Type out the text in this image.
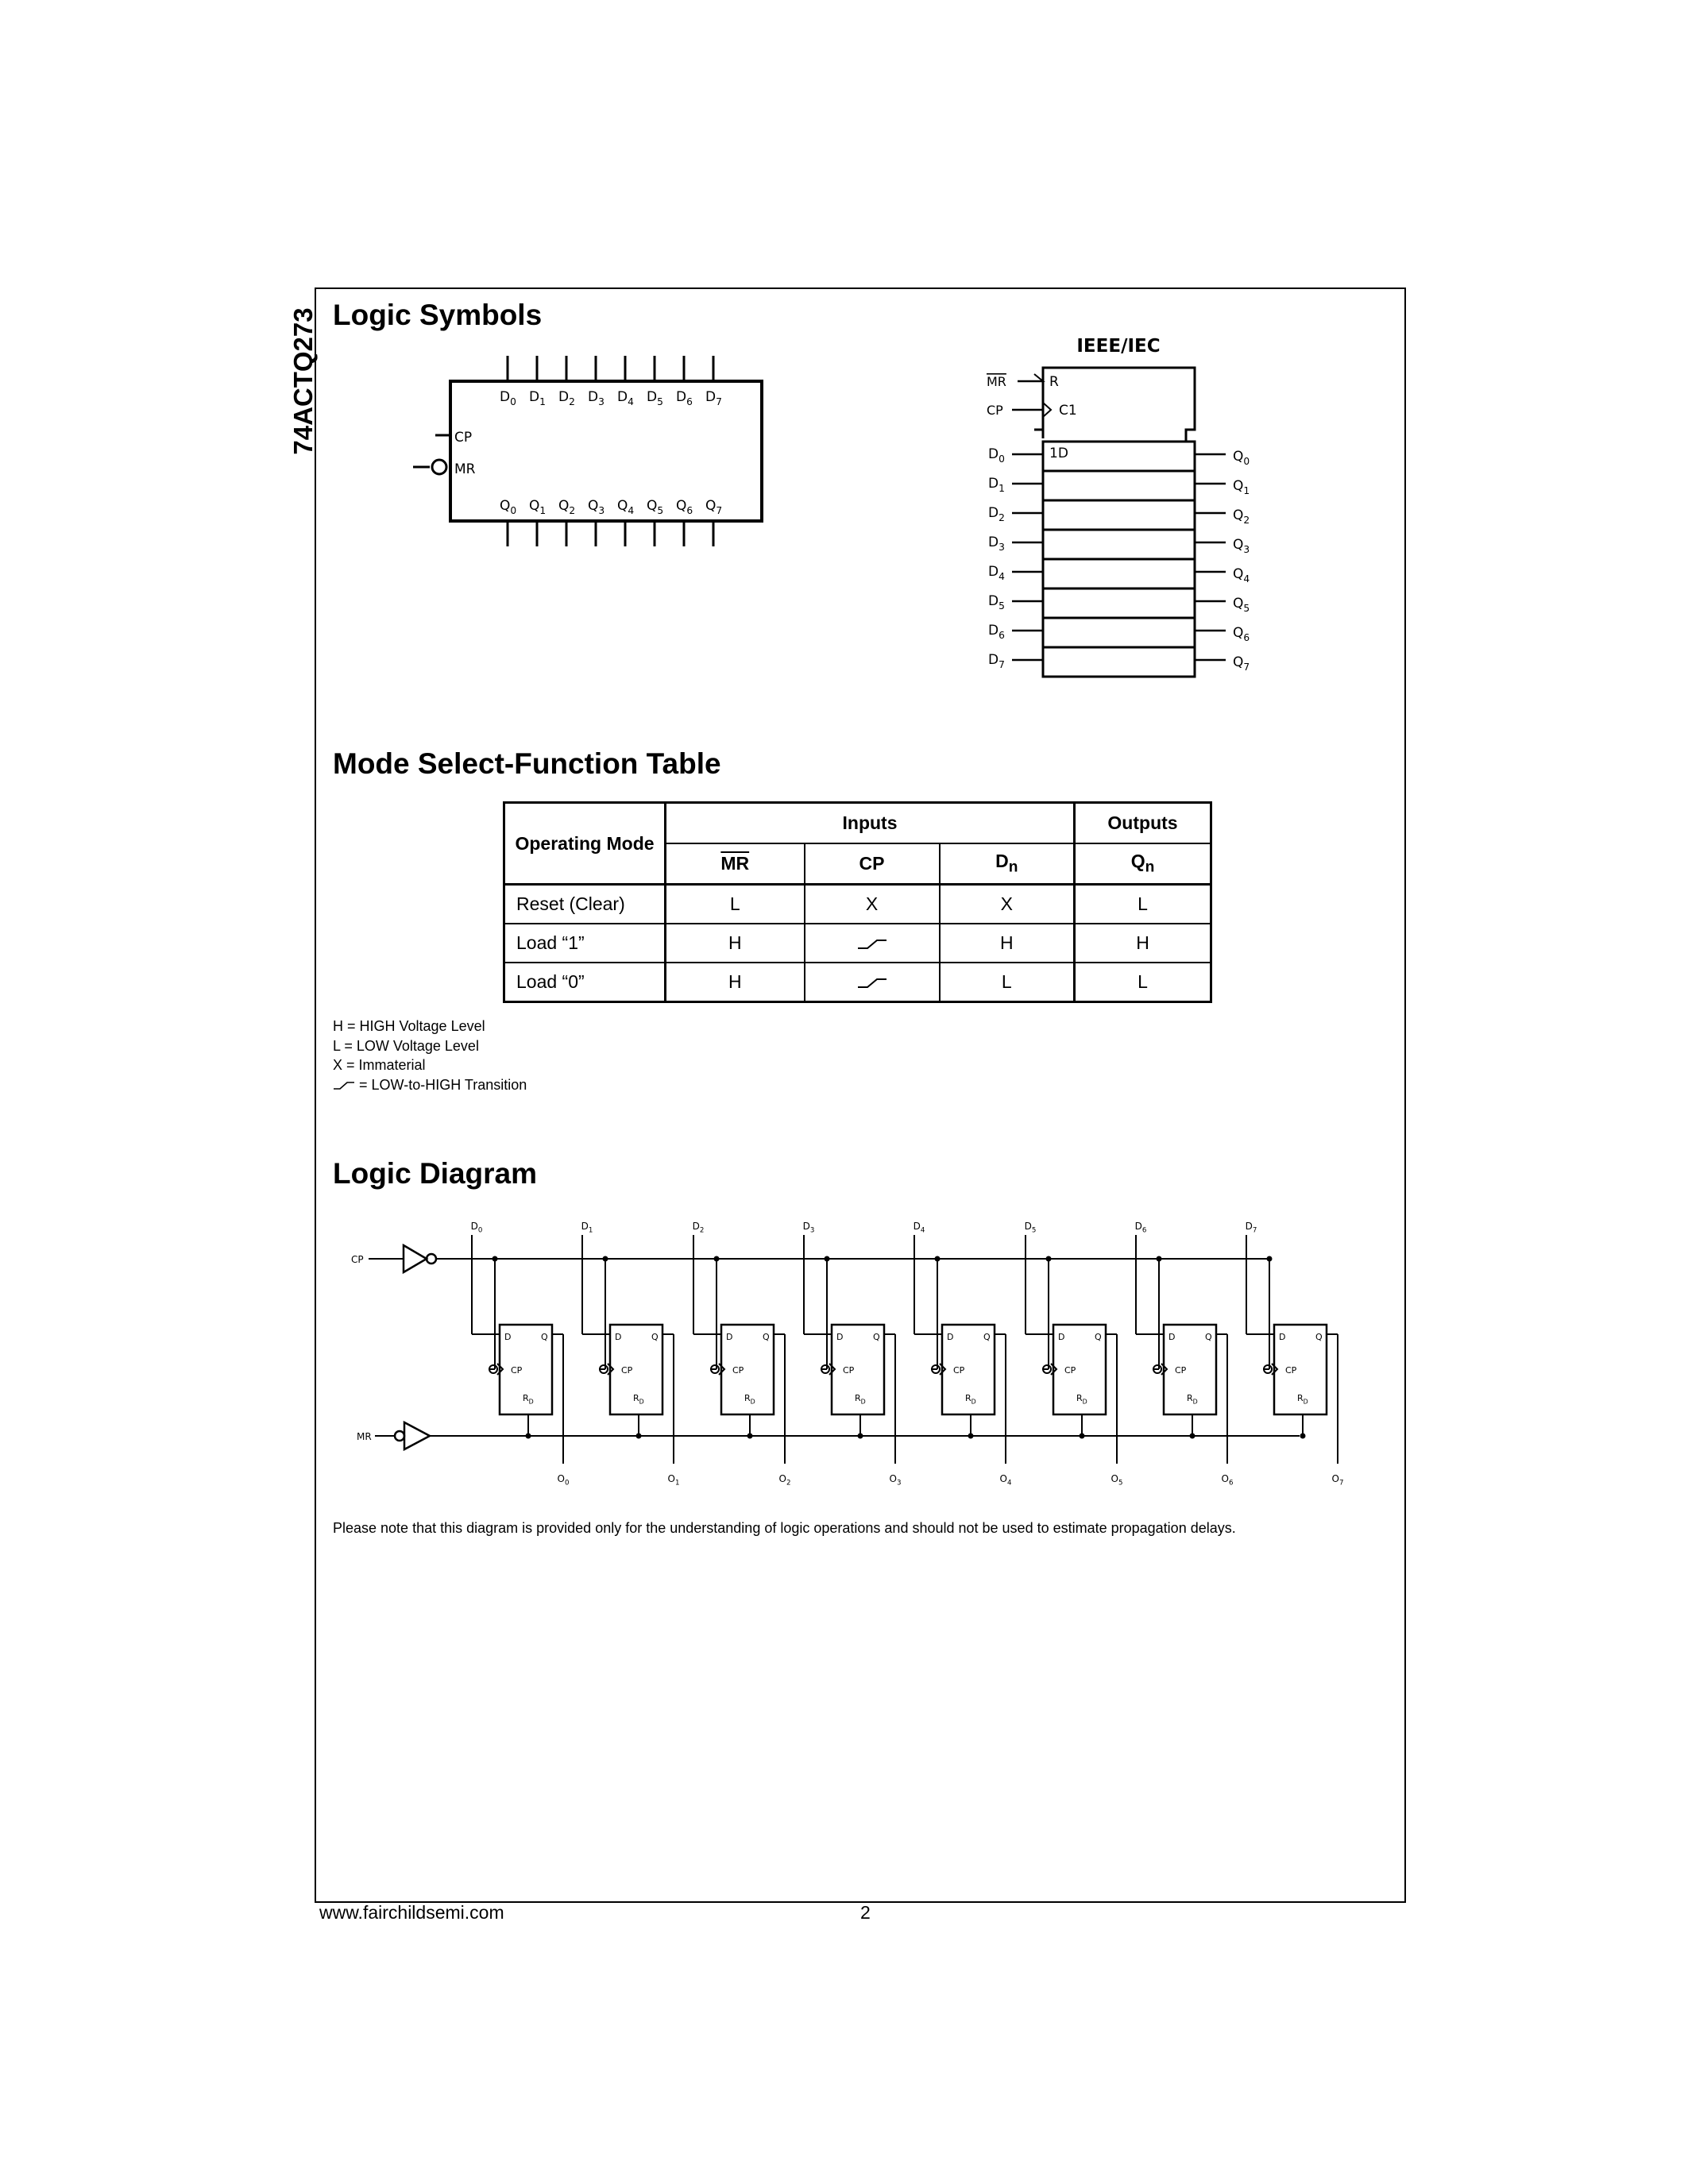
74ACTQ273 Logic Symbols
Mode Select-Function Table
Logic Diagram
$D_0$
$Q_0$
$D_1$
$Q_1$
$D_2$
$Q_2$
$D_3$
$Q_3$
$D_4$
$Q_4$
$D_5$
$Q_5$
$D_6$
$Q_6$
$D_7$
$Q_7$
CP
MR
IEEE/IEC
MR	R
CP	C1
1D
$D_0$	$Q_0$
$D_1$	$Q_1$
$D_2$	$Q_2$
$D_3$	$Q_3$
$D_4$	$Q_4$
$D_5$	$Q_5$
$D_6$	$Q_6$
$D_7$	$Q_7$
CP
MR
$D_0$
D	Q
CP
$R_D$
$O_0$
$D_1$
D	Q
CP
$R_D$
$O_1$
$D_2$
D	Q
CP
$R_D$
$O_2$
$D_3$
D	Q
CP
$R_D$
$O_3$
$D_4$
D	Q
CP
$R_D$
$O_4$
$D_5$
D	Q
CP
$R_D$
$O_5$
$D_6$
D	Q
CP
$R_D$
$O_6$
$D_7$
D	Q
CP
$R_D$
$O_7$
Operating Mode	Inputs			Outputs
	$\overline{MR}$	CP	$D_n$	$Q_n$
Reset (Clear)	L	X	X	L
Load “1”	H		H	H
Load “0”	H		L	L
H = HIGH Voltage Level
L = LOW Voltage Level
X = Immaterial
= LOW-to-HIGH Transition
Please note that this diagram is provided only for the understanding of logic operations and should not be used to estimate propagation delays.
www.fairchildsemi.com	2
